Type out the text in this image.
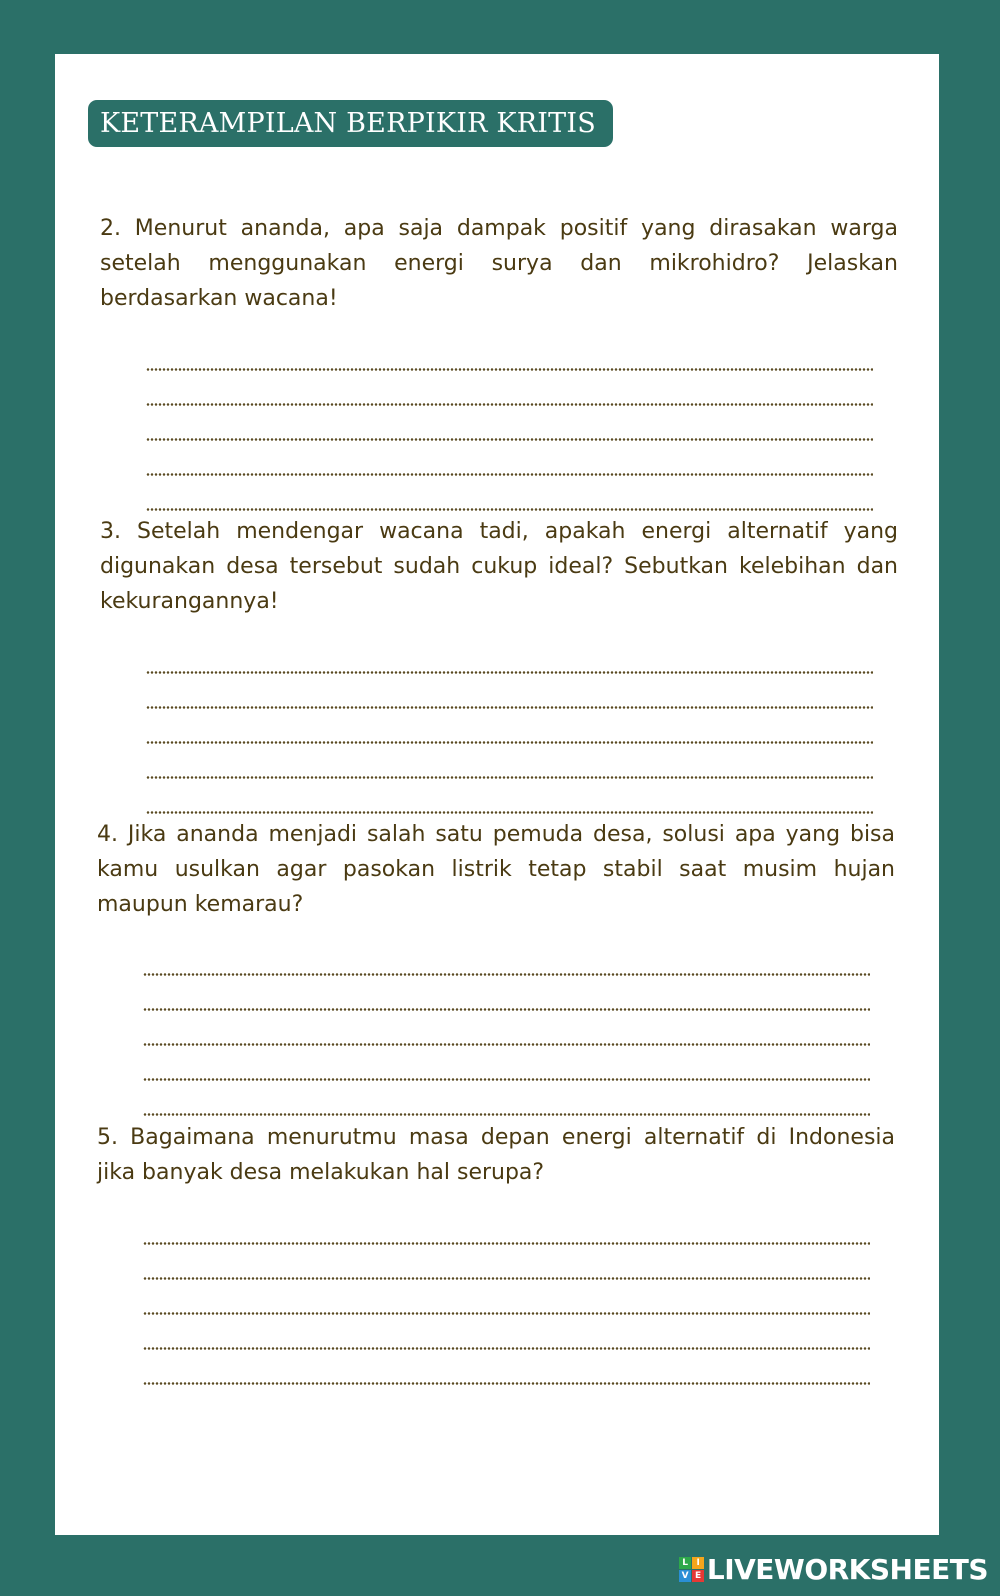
KETERAMPILAN BERPIKIR KRITIS

2. Menurut ananda, apa saja dampak positif yang dirasakan warga setelah menggunakan energi surya dan mikrohidro? Jelaskan berdasarkan wacana!

3. Setelah mendengar wacana tadi, apakah energi alternatif yang digunakan desa tersebut sudah cukup ideal? Sebutkan kelebihan dan kekurangannya!

4. Jika ananda menjadi salah satu pemuda desa, solusi apa yang bisa kamu usulkan agar pasokan listrik tetap stabil saat musim hujan maupun kemarau?

5. Bagaimana menurutmu masa depan energi alternatif di Indonesia jika banyak desa melakukan hal serupa?

L I
V E LIVEWORKSHEETS
